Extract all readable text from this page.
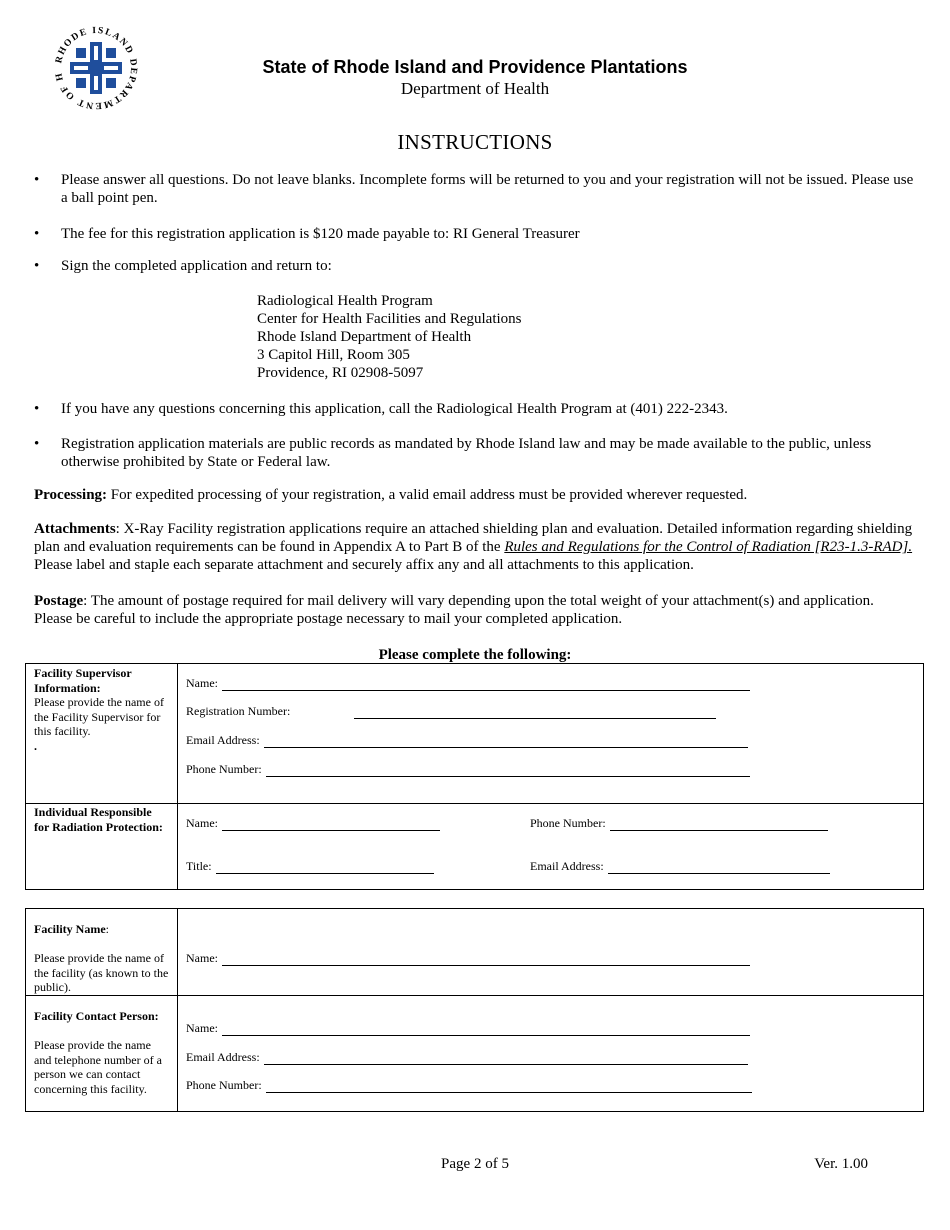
RHODE ISLAND DEPARTMENT OF H	State of Rhode Island and Providence Plantations
Department of Health
INSTRUCTIONS
• Please answer all questions. Do not leave blanks. Incomplete forms will be returned to you and your registration will not be issued. Please use a ball point pen.
• The fee for this registration application is $120 made payable to: RI General Treasurer
• Sign the completed application and return to:
Radiological Health Program
Center for Health Facilities and Regulations
Rhode Island Department of Health
3 Capitol Hill, Room 305
Providence, RI 02908-5097
• If you have any questions concerning this application, call the Radiological Health Program at (401) 222-2343.
• Registration application materials are public records as mandated by Rhode Island law and may be made available to the public, unless otherwise prohibited by State or Federal law.
Processing: For expedited processing of your registration, a valid email address must be provided wherever requested.
Attachments: X-Ray Facility registration applications require an attached shielding plan and evaluation. Detailed information regarding shielding plan and evaluation requirements can be found in Appendix A to Part B of the Rules and Regulations for the Control of Radiation [R23-1.3-RAD]. Please label and staple each separate attachment and securely affix any and all attachments to this application.
Postage: The amount of postage required for mail delivery will vary depending upon the total weight of your attachment(s) and application. Please be careful to include the appropriate postage necessary to mail your completed application.
Please complete the following:
Facility Supervisor Information:
Please provide the name of the Facility Supervisor for this facility.
.
Name:
Registration Number:
Email Address:
Phone Number:
Individual Responsible for Radiation Protection:	Name:	Phone Number:
Title:	Email Address:
Facility Name:

Please provide the name of the facility (as known to the public).
Name:
Facility Contact Person:

Please provide the name and telephone number of a person we can contact concerning this facility.
Name:
Email Address:
Phone Number:
Page 2 of 5	Ver. 1.00
